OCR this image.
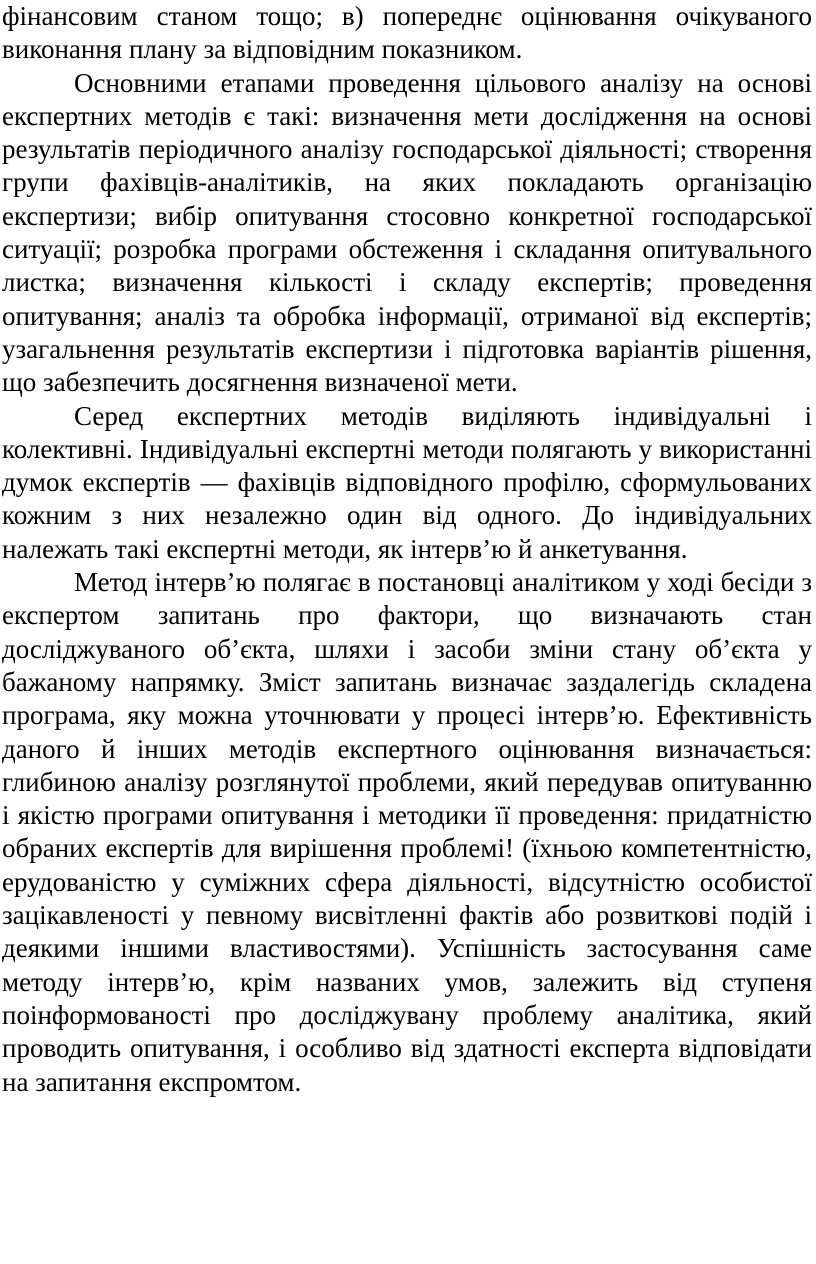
фінансовим станом тощо; в) попереднє оцінювання очікуваного виконання плану за відповідним показником.

Основними етапами проведення цільового аналізу на основі експертних методів є такі: визначення мети дослідження на основі результатів періодичного аналізу господарської діяльності; створення групи фахівців-аналітиків, на яких покладають організацію експертизи; вибір опитування стосовно конкретної господарської ситуації; розробка програми обстеження і складання опитувального листка; визначення кількості і складу експертів; проведення опитування; аналіз та обробка інформації, отриманої від експертів; узагальнення результатів експертизи і підготовка варіантів рішення, що забезпечить досягнення визначеної мети.

Серед експертних методів виділяють індивідуальні і колективні. Індивідуальні експертні методи полягають у використанні думок експертів — фахівців відповідного профілю, сформульованих кожним з них незалежно один від одного. До індивідуальних належать такі експертні методи, як інтерв’ю й анкетування.

Метод інтерв’ю полягає в постановці аналітиком у ході бесіди з експертом запитань про фактори, що визначають стан досліджуваного об’єкта, шляхи і засоби зміни стану об’єкта у бажаному напрямку. Зміст запитань визначає заздалегідь складена програма, яку можна уточнювати у процесі інтерв’ю. Ефективність даного й інших методів експертного оцінювання визначається: глибиною аналізу розглянутої проблеми, який передував опитуванню і якістю програми опитування і методики її проведення: придатністю обраних експертів для вирішення проблемі! (їхньою компетентністю, ерудованістю у суміжних сфера діяльності, відсутністю особистої зацікавленості у певному висвітленні фактів або розвиткові подій і деякими іншими властивостями). Успішність застосування саме методу інтерв’ю, крім названих умов, залежить від ступеня поінформованості про досліджувану проблему аналітика, який проводить опитування, і особливо від здатності експерта відповідати на запитання експромтом.
